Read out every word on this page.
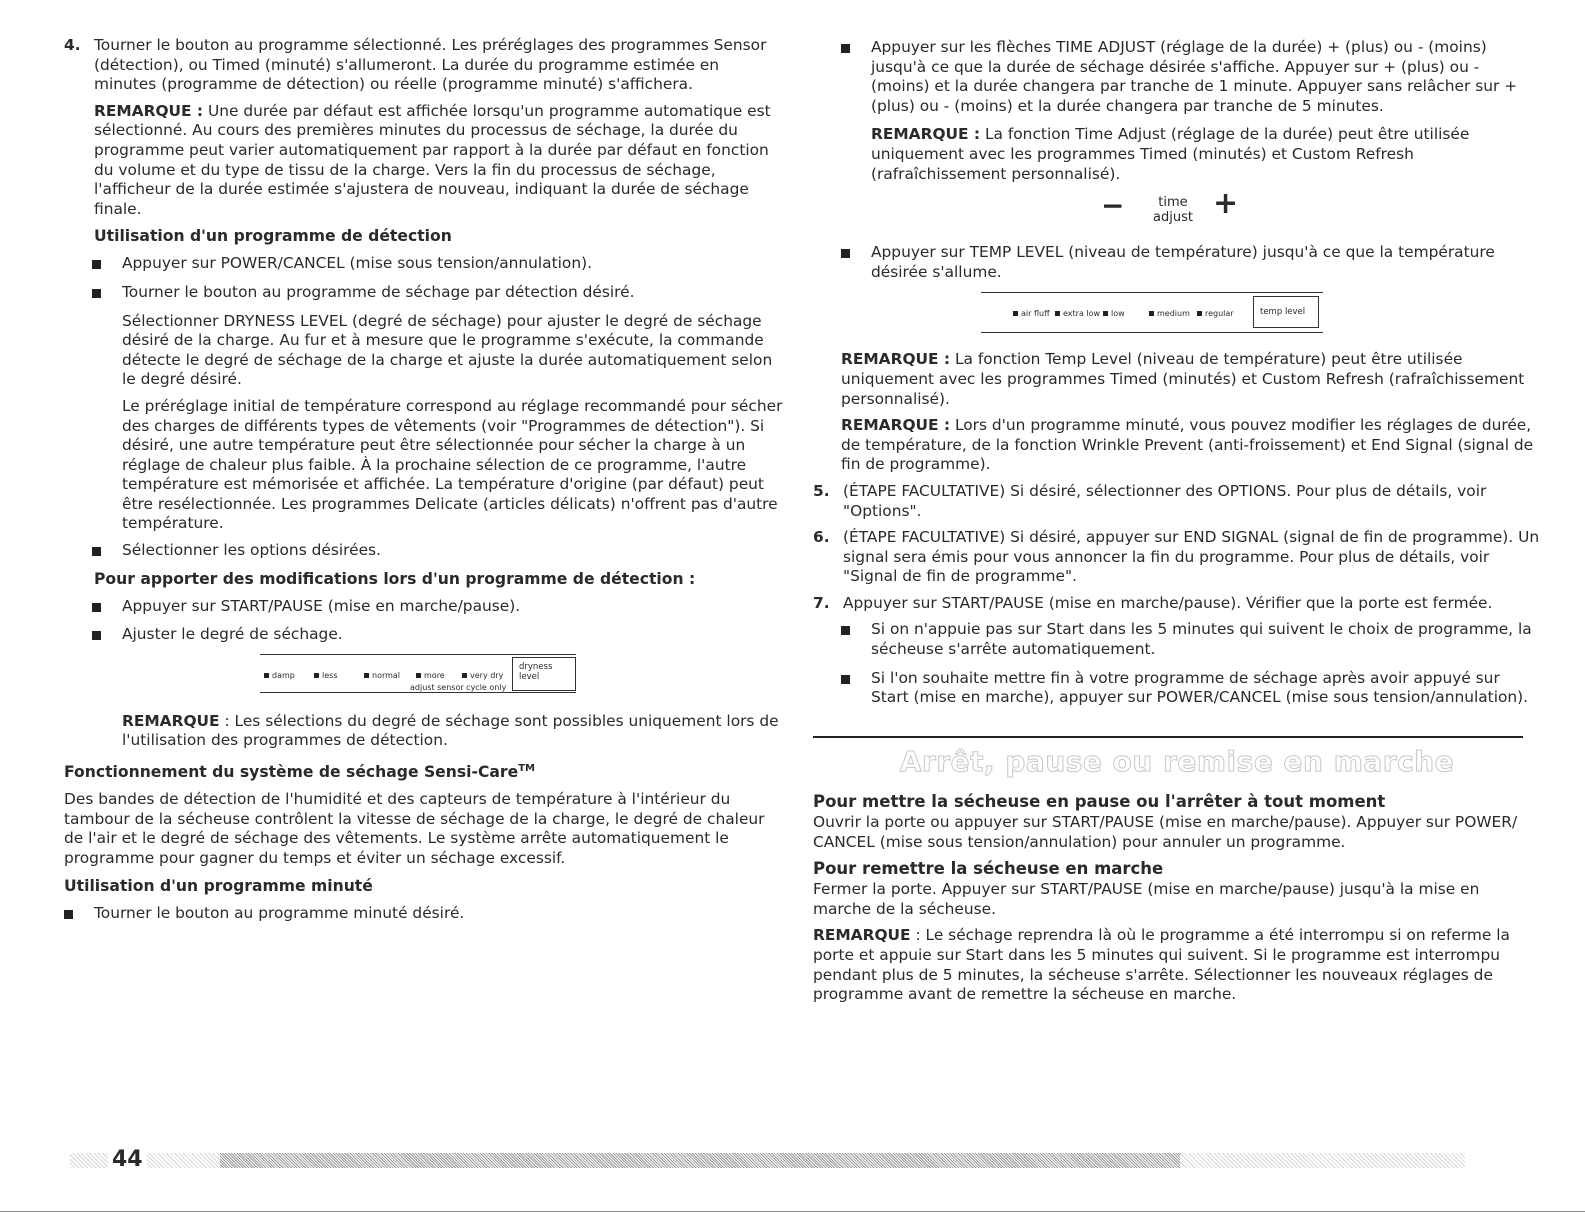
4. Tourner le bouton au programme sélectionné. Les préréglages des programmes Sensor (détection), ou Timed (minuté) s'allumeront. La durée du programme estimée en minutes (programme de détection) ou réelle (programme minuté) s'affichera.

REMARQUE : Une durée par défaut est affichée lorsqu'un programme automatique est sélectionné. Au cours des premières minutes du processus de séchage, la durée du programme peut varier automatiquement par rapport à la durée par défaut en fonction du volume et du type de tissu de la charge. Vers la fin du processus de séchage, l'afficheur de la durée estimée s'ajustera de nouveau, indiquant la durée de séchage finale.

Utilisation d'un programme de détection
Appuyer sur POWER/CANCEL (mise sous tension/annulation).
Tourner le bouton au programme de séchage par détection désiré.

Sélectionner DRYNESS LEVEL (degré de séchage) pour ajuster le degré de séchage désiré de la charge. Au fur et à mesure que le programme s'exécute, la commande détecte le degré de séchage de la charge et ajuste la durée automatiquement selon le degré désiré.

Le préréglage initial de température correspond au réglage recommandé pour sécher des charges de différents types de vêtements (voir "Programmes de détection"). Si désiré, une autre température peut être sélectionnée pour sécher la charge à un réglage de chaleur plus faible. À la prochaine sélection de ce programme, l'autre température est mémorisée et affichée. La température d'origine (par défaut) peut être resélectionnée. Les programmes Delicate (articles délicats) n'offrent pas d'autre température.

Sélectionner les options désirées.
Pour apporter des modifications lors d'un programme de détection :
Appuyer sur START/PAUSE (mise en marche/pause).
Ajuster le degré de séchage.
damp	less	normal	more	very dry
adjust sensor cycle only
dryness
level

REMARQUE : Les sélections du degré de séchage sont possibles uniquement lors de l'utilisation des programmes de détection.

Fonctionnement du système de séchage Sensi-Care™

Des bandes de détection de l'humidité et des capteurs de température à l'intérieur du tambour de la sécheuse contrôlent la vitesse de séchage de la charge, le degré de chaleur de l'air et le degré de séchage des vêtements. Le système arrête automatiquement le programme pour gagner du temps et éviter un séchage excessif.

Utilisation d'un programme minuté
Tourner le bouton au programme minuté désiré.
Appuyer sur les flèches TIME ADJUST (réglage de la durée) + (plus) ou - (moins) jusqu'à ce que la durée de séchage désirée s'affiche. Appuyer sur + (plus) ou - (moins) et la durée changera par tranche de 1 minute. Appuyer sans relâcher sur + (plus) ou - (moins) et la durée changera par tranche de 5 minutes.

REMARQUE : La fonction Time Adjust (réglage de la durée) peut être utilisée uniquement avec les programmes Timed (minutés) et Custom Refresh (rafraîchissement personnalisé).

−	time
adjust +
Appuyer sur TEMP LEVEL (niveau de température) jusqu'à ce que la température désirée s'allume.
air fluff	extra low	low	medium	regular	temp level

REMARQUE : La fonction Temp Level (niveau de température) peut être utilisée uniquement avec les programmes Timed (minutés) et Custom Refresh (rafraîchissement personnalisé).

REMARQUE : Lors d'un programme minuté, vous pouvez modifier les réglages de durée, de température, de la fonction Wrinkle Prevent (anti-froissement) et End Signal (signal de fin de programme).

5. (ÉTAPE FACULTATIVE) Si désiré, sélectionner des OPTIONS. Pour plus de détails, voir "Options".
6. (ÉTAPE FACULTATIVE) Si désiré, appuyer sur END SIGNAL (signal de fin de programme). Un signal sera émis pour vous annoncer la fin du programme. Pour plus de détails, voir "Signal de fin de programme".
7. Appuyer sur START/PAUSE (mise en marche/pause). Vérifier que la porte est fermée.
Si on n'appuie pas sur Start dans les 5 minutes qui suivent le choix de programme, la sécheuse s'arrête automatiquement.
Si l'on souhaite mettre fin à votre programme de séchage après avoir appuyé sur Start (mise en marche), appuyer sur POWER/CANCEL (mise sous tension/annulation).
Arrêt, pause ou remise en marche
Pour mettre la sécheuse en pause ou l'arrêter à tout moment

Ouvrir la porte ou appuyer sur START/PAUSE (mise en marche/pause). Appuyer sur POWER/ CANCEL (mise sous tension/annulation) pour annuler un programme.

Pour remettre la sécheuse en marche

Fermer la porte. Appuyer sur START/PAUSE (mise en marche/pause) jusqu'à la mise en marche de la sécheuse.

REMARQUE : Le séchage reprendra là où le programme a été interrompu si on referme la porte et appuie sur Start dans les 5 minutes qui suivent. Si le programme est interrompu pendant plus de 5 minutes, la sécheuse s'arrête. Sélectionner les nouveaux réglages de programme avant de remettre la sécheuse en marche.

44
